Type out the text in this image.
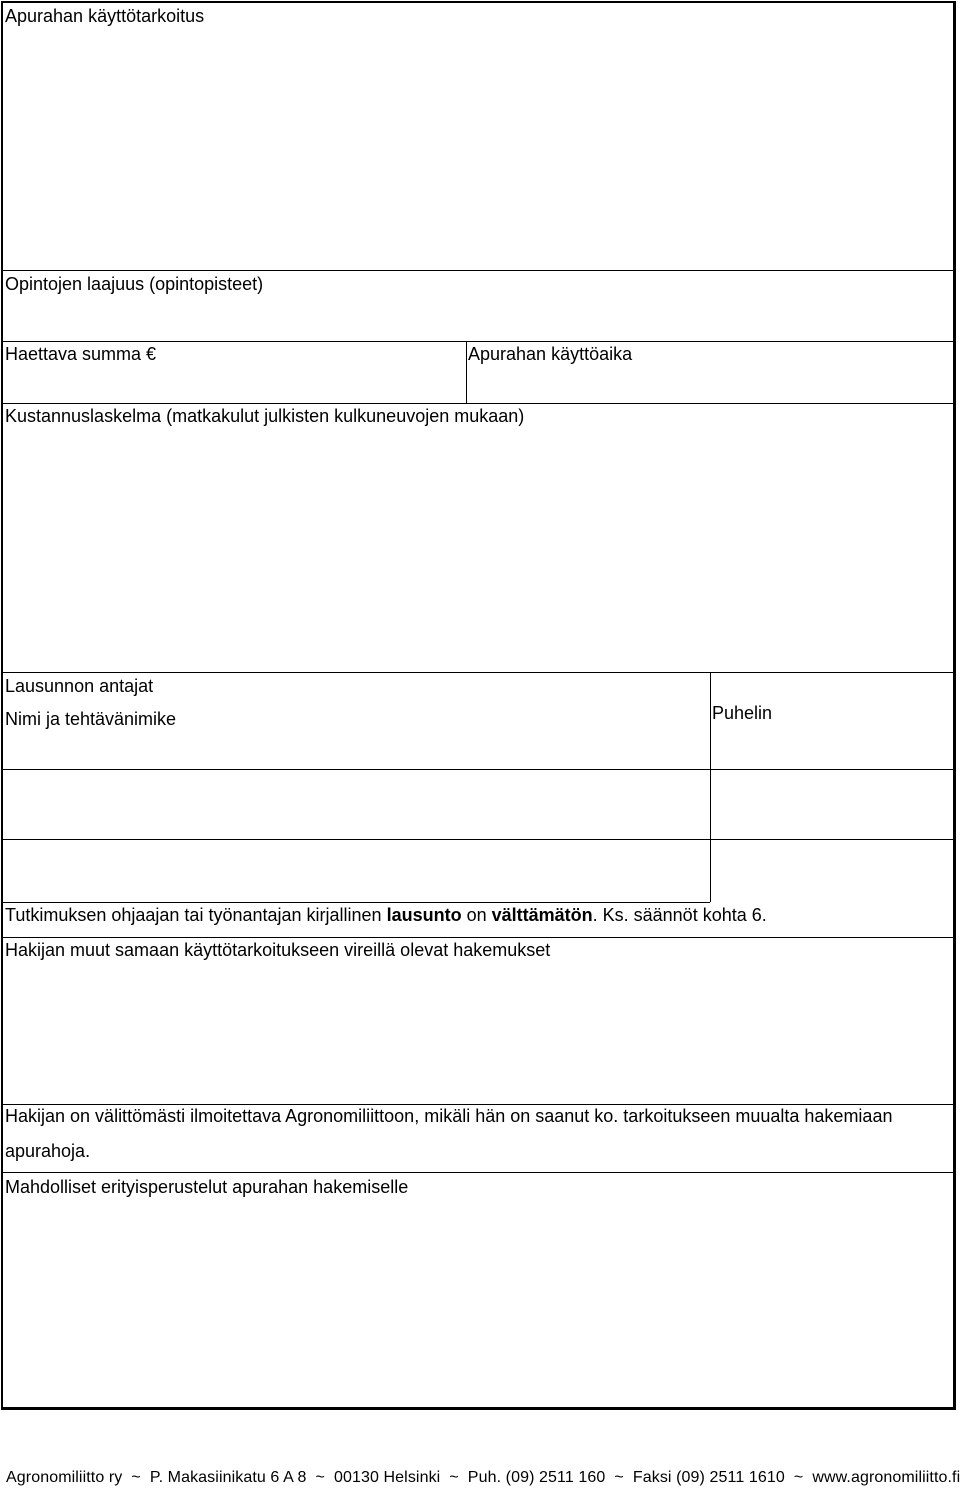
Apurahan käyttötarkoitus
Opintojen laajuus (opintopisteet)
Haettava summa €	Apurahan käyttöaika
Kustannuslaskelma (matkakulut julkisten kulkuneuvojen mukaan)
Lausunnon antajat
Nimi ja tehtävänimike	Puhelin
Tutkimuksen ohjaajan tai työnantajan kirjallinen lausunto on välttämätön. Ks. säännöt kohta 6.
Hakijan muut samaan käyttötarkoitukseen vireillä olevat hakemukset
Hakijan on välittömästi ilmoitettava Agronomiliittoon, mikäli hän on saanut ko. tarkoitukseen muualta hakemiaan apurahoja.
Mahdolliset erityisperustelut apurahan hakemiselle
Agronomiliitto ry ~ P. Makasiinikatu 6 A 8 ~ 00130 Helsinki ~ Puh. (09) 2511 160 ~ Faksi (09) 2511 1610 ~ www.agronomiliitto.fi
